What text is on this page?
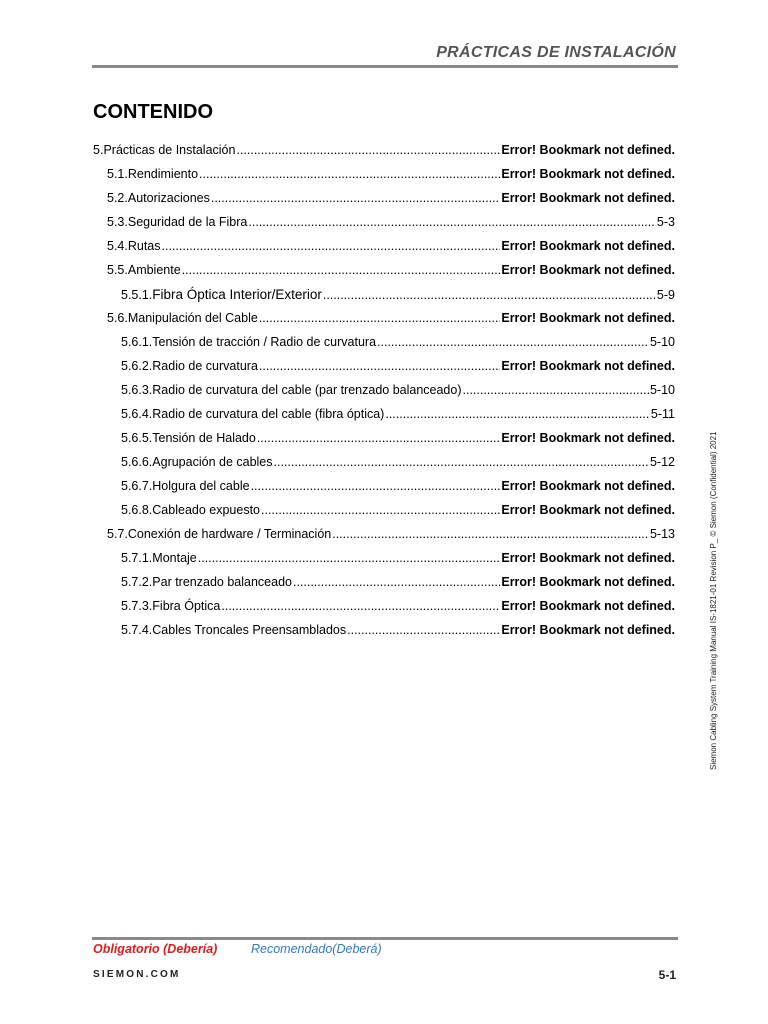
PRÁCTICAS DE INSTALACIÓN
CONTENIDO
5. Prácticas de Instalación .....	Error! Bookmark not defined.
5.1. Rendimiento .....	Error! Bookmark not defined.
5.2. Autorizaciones .....	Error! Bookmark not defined.
5.3. Seguridad de la Fibra .....	5-3
5.4. Rutas .....	Error! Bookmark not defined.
5.5. Ambiente .....	Error! Bookmark not defined.
5.5.1. Fibra Óptica Interior/Exterior .....	5-9
5.6. Manipulación del Cable .....	Error! Bookmark not defined.
5.6.1. Tensión de tracción / Radio de curvatura .....	5-10
5.6.2. Radio de curvatura .....	Error! Bookmark not defined.
5.6.3. Radio de curvatura del cable (par trenzado balanceado) .....	5-10
5.6.4. Radio de curvatura del cable (fibra óptica) .....	5-11
5.6.5. Tensión de Halado .....	Error! Bookmark not defined.
5.6.6. Agrupación de cables .....	5-12
5.6.7. Holgura del cable .....	Error! Bookmark not defined.
5.6.8. Cableado expuesto .....	Error! Bookmark not defined.
5.7. Conexión de hardware / Terminación .....	5-13
5.7.1. Montaje .....	Error! Bookmark not defined.
5.7.2. Par trenzado balanceado .....	Error! Bookmark not defined.
5.7.3. Fibra Óptica .....	Error! Bookmark not defined.
5.7.4. Cables Troncales Preensamblados .....	Error! Bookmark not defined.	Siemon Cabling System Training Manual IS-1821-01 Revision P_ © Siemon (Confidential) 2021
Obligatorio (Debería)	Recomendado(Deberá)
SIEMON.COM	5-1
